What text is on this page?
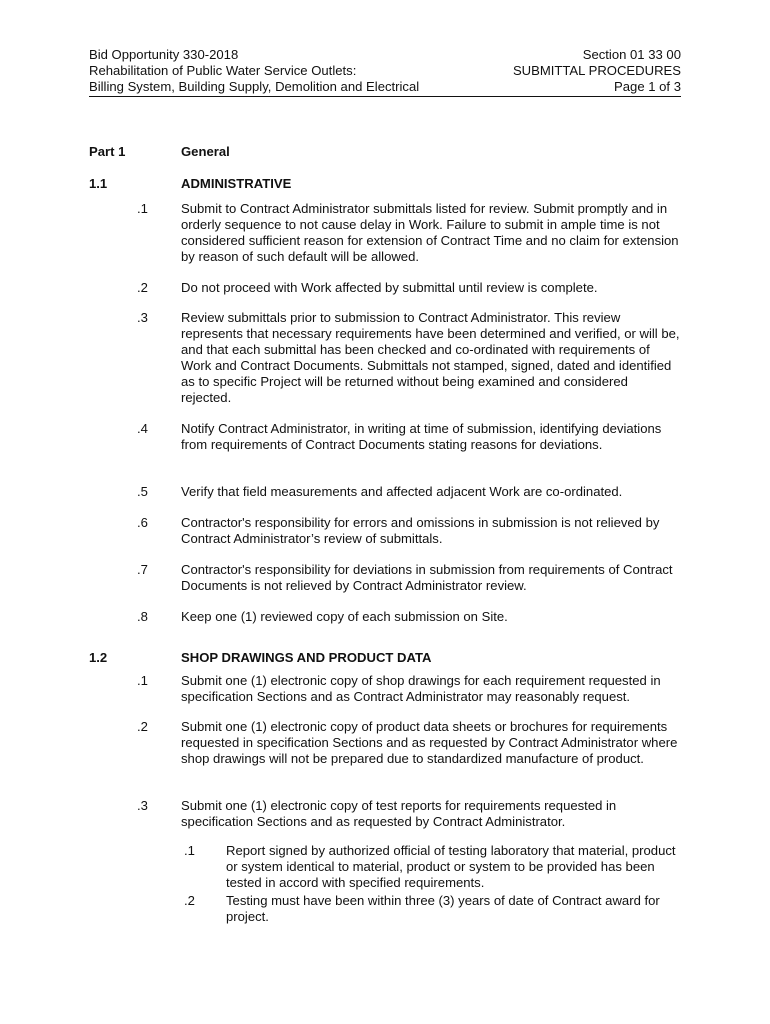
Bid Opportunity 330-2018
Rehabilitation of Public Water Service Outlets:
Billing System, Building Supply, Demolition and Electrical
Section 01 33 00
SUBMITTAL PROCEDURES
Page 1 of 3
Part 1	General
1.1	ADMINISTRATIVE
.1	Submit to Contract Administrator submittals listed for review. Submit promptly and in orderly sequence to not cause delay in Work. Failure to submit in ample time is not considered sufficient reason for extension of Contract Time and no claim for extension by reason of such default will be allowed.
.2	Do not proceed with Work affected by submittal until review is complete.
.3	Review submittals prior to submission to Contract Administrator. This review represents that necessary requirements have been determined and verified, or will be, and that each submittal has been checked and co-ordinated with requirements of Work and Contract Documents. Submittals not stamped, signed, dated and identified as to specific Project will be returned without being examined and considered rejected.
.4	Notify Contract Administrator, in writing at time of submission, identifying deviations from requirements of Contract Documents stating reasons for deviations.
.5	Verify that field measurements and affected adjacent Work are co-ordinated.
.6	Contractor's responsibility for errors and omissions in submission is not relieved by Contract Administrator’s review of submittals.
.7	Contractor's responsibility for deviations in submission from requirements of Contract Documents is not relieved by Contract Administrator review.
.8	Keep one (1) reviewed copy of each submission on Site.
1.2	SHOP DRAWINGS AND PRODUCT DATA
.1	Submit one (1) electronic copy of shop drawings for each requirement requested in specification Sections and as Contract Administrator may reasonably request.
.2	Submit one (1) electronic copy of product data sheets or brochures for requirements requested in specification Sections and as requested by Contract Administrator where shop drawings will not be prepared due to standardized manufacture of product.
.3	Submit one (1) electronic copy of test reports for requirements requested in specification Sections and as requested by Contract Administrator.
.1	Report signed by authorized official of testing laboratory that material, product or system identical to material, product or system to be provided has been tested in accord with specified requirements.
.2	Testing must have been within three (3) years of date of Contract award for project.
